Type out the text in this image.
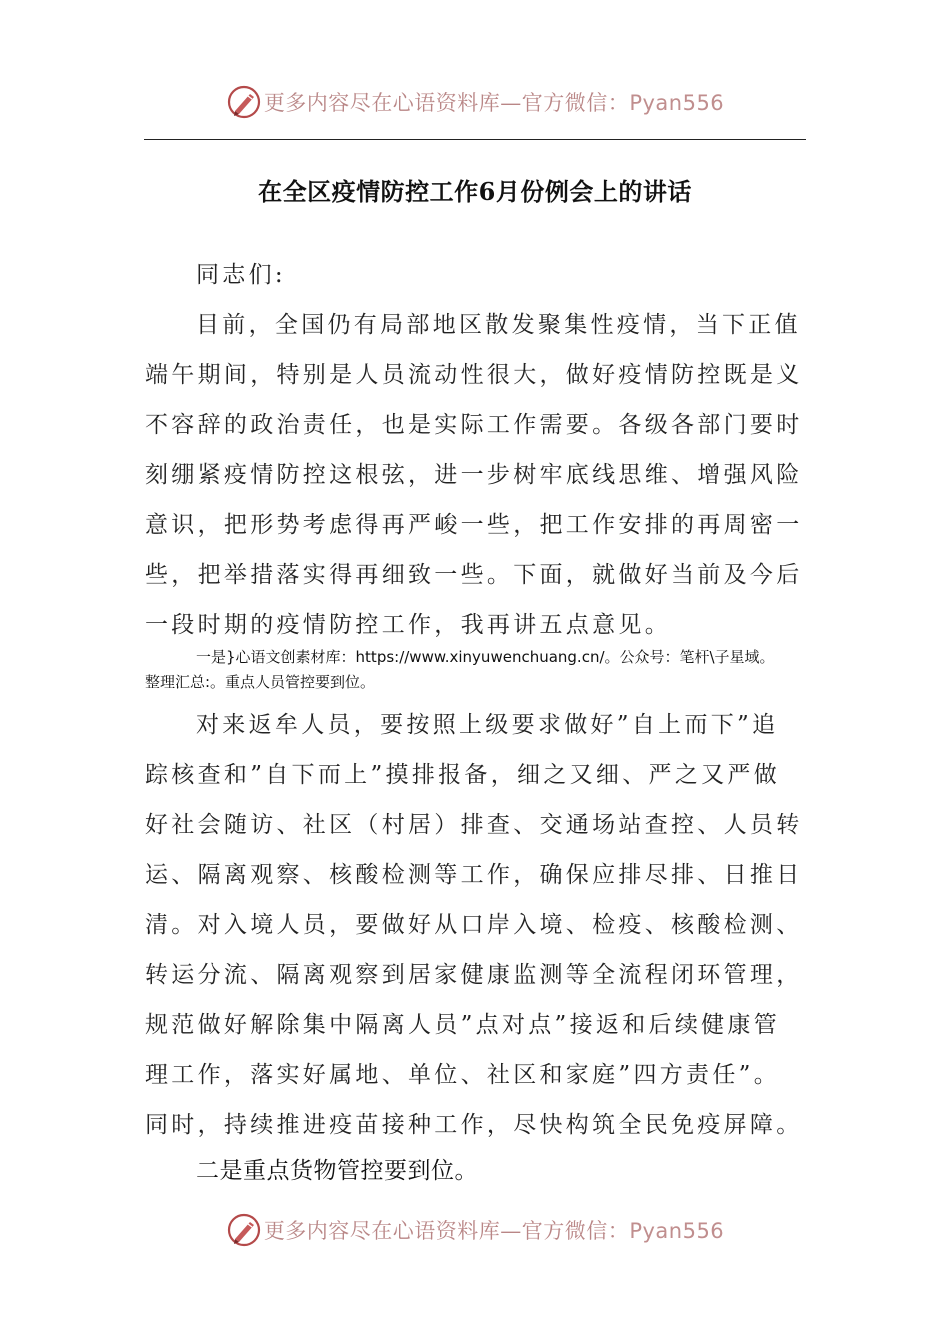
更多内容尽在心语资料库—官方微信：Pyan556
在全区疫情防控工作6月份例会上的讲话
同志们:
目前，全国仍有局部地区散发聚集性疫情，当下正值
端午期间，特别是人员流动性很大，做好疫情防控既是义
不容辞的政治责任，也是实际工作需要。各级各部门要时
刻绷紧疫情防控这根弦，进一步树牢底线思维、增强风险
意识，把形势考虑得再严峻一些，把工作安排的再周密一
些，把举措落实得再细致一些。下面，就做好当前及今后
一段时期的疫情防控工作，我再讲五点意见。
一是}心语文创素材库：https://www.xinyuwenchuang.cn/。公众号：笔杆\子星域。
整理汇总:。重点人员管控要到位。
对来返牟人员，要按照上级要求做好”自上而下”追
踪核查和”自下而上”摸排报备，细之又细、严之又严做
好社会随访、社区（村居）排查、交通场站查控、人员转
运、隔离观察、核酸检测等工作，确保应排尽排、日推日
清。对入境人员，要做好从口岸入境、检疫、核酸检测、
转运分流、隔离观察到居家健康监测等全流程闭环管理，
规范做好解除集中隔离人员”点对点”接返和后续健康管
理工作，落实好属地、单位、社区和家庭”四方责任”。
同时，持续推进疫苗接种工作，尽快构筑全民免疫屏障。
二是重点货物管控要到位。
更多内容尽在心语资料库—官方微信：Pyan556
